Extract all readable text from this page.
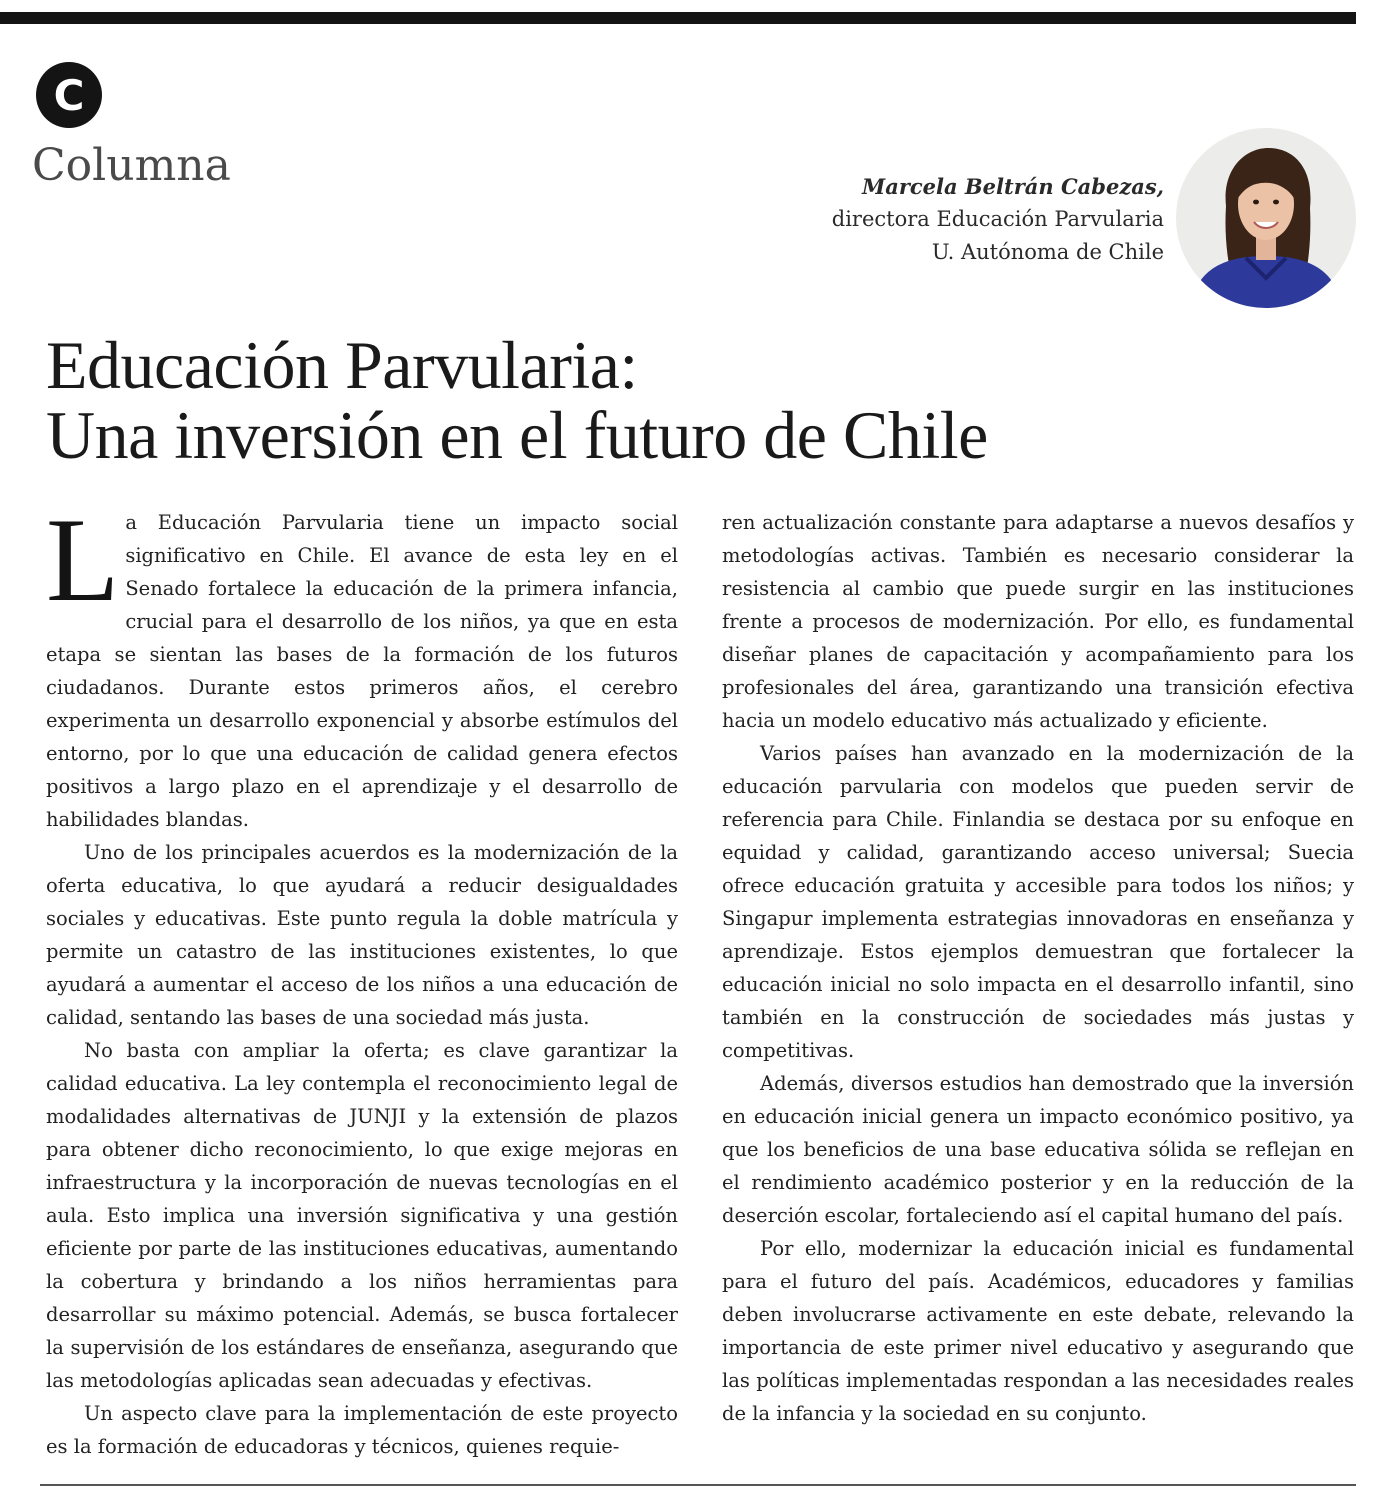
C
Columna	Marcela Beltrán Cabezas,
directora Educación Parvularia
U. Autónoma de Chile
Educación Parvularia:
Una inversión en el futuro de Chile

La Educación Parvularia tiene un impacto social significativo en Chile. El avance de esta ley en el Senado fortalece la educación de la primera infancia, crucial para el desarrollo de los niños, ya que en esta etapa se sientan las bases de la formación de los futuros ciudadanos. Durante estos primeros años, el cerebro experimenta un desarrollo exponencial y absorbe estímulos del entorno, por lo que una educación de calidad genera efectos positivos a largo plazo en el aprendizaje y el desarrollo de habilidades blandas.

Uno de los principales acuerdos es la modernización de la oferta educativa, lo que ayudará a reducir desigualdades sociales y educativas. Este punto regula la doble matrícula y permite un catastro de las instituciones existentes, lo que ayudará a aumentar el acceso de los niños a una educación de calidad, sentando las bases de una sociedad más justa.

No basta con ampliar la oferta; es clave garantizar la calidad educativa. La ley contempla el reconocimiento legal de modalidades alternativas de JUNJI y la extensión de plazos para obtener dicho reconocimiento, lo que exige mejoras en infraestructura y la incorporación de nuevas tecnologías en el aula. Esto implica una inversión significativa y una gestión eficiente por parte de las instituciones educativas, aumentando la cobertura y brindando a los niños herramientas para desarrollar su máximo potencial. Además, se busca fortalecer la supervisión de los estándares de enseñanza, asegurando que las metodologías aplicadas sean adecuadas y efectivas.

Un aspecto clave para la implementación de este proyecto es la formación de educadoras y técnicos, quienes requie-

ren actualización constante para adaptarse a nuevos desafíos y metodologías activas. También es necesario considerar la resistencia al cambio que puede surgir en las instituciones frente a procesos de modernización. Por ello, es fundamental diseñar planes de capacitación y acompañamiento para los profesionales del área, garantizando una transición efectiva hacia un modelo educativo más actualizado y eficiente.

Varios países han avanzado en la modernización de la educación parvularia con modelos que pueden servir de referencia para Chile. Finlandia se destaca por su enfoque en equidad y calidad, garantizando acceso universal; Suecia ofrece educación gratuita y accesible para todos los niños; y Singapur implementa estrategias innovadoras en enseñanza y aprendizaje. Estos ejemplos demuestran que fortalecer la educación inicial no solo impacta en el desarrollo infantil, sino también en la construcción de sociedades más justas y competitivas.

Además, diversos estudios han demostrado que la inversión en educación inicial genera un impacto económico positivo, ya que los beneficios de una base educativa sólida se reflejan en el rendimiento académico posterior y en la reducción de la deserción escolar, fortaleciendo así el capital humano del país.

Por ello, modernizar la educación inicial es fundamental para el futuro del país. Académicos, educadores y familias deben involucrarse activamente en este debate, relevando la importancia de este primer nivel educativo y asegurando que las políticas implementadas respondan a las necesidades reales de la infancia y la sociedad en su conjunto.
